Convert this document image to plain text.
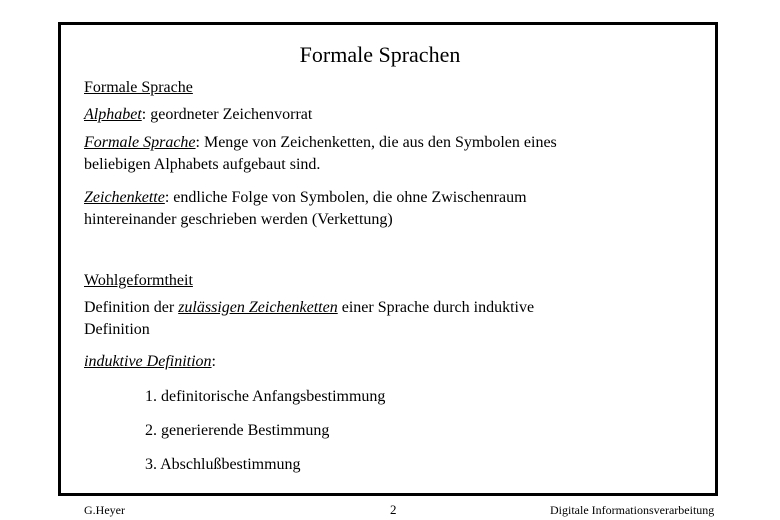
Formale Sprachen
Formale Sprache
Alphabet: geordneter Zeichenvorrat
Formale Sprache: Menge von Zeichenketten, die aus den Symbolen eines
beliebigen Alphabets aufgebaut sind.
Zeichenkette: endliche Folge von Symbolen, die ohne Zwischenraum
hintereinander geschrieben werden (Verkettung)
Wohlgeformtheit
Definition der zulässigen Zeichenketten einer Sprache durch induktive
Definition
induktive Definition:
1. definitorische Anfangsbestimmung
2. generierende Bestimmung
3. Abschlußbestimmung
G.Heyer	2	Digitale Informationsverarbeitung
